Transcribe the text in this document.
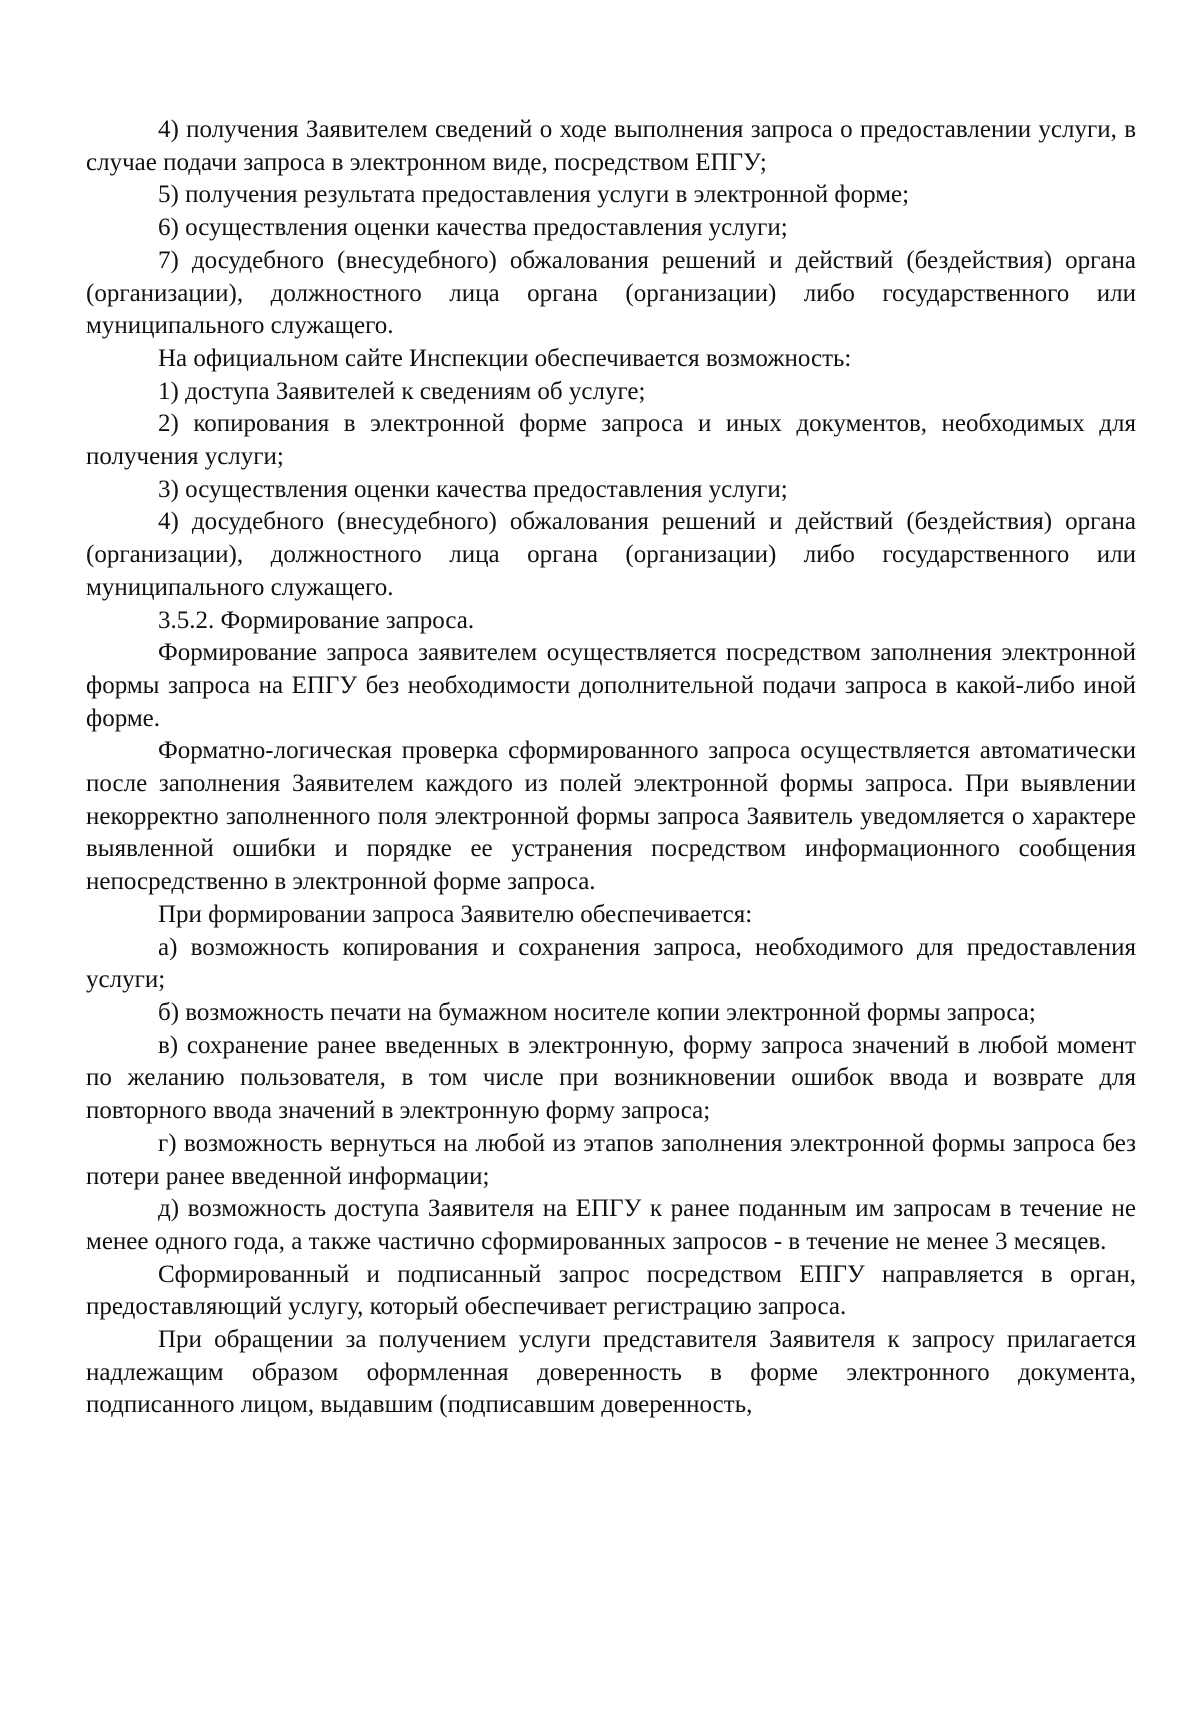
4) получения Заявителем сведений о ходе выполнения запроса о предоставлении услуги, в случае подачи запроса в электронном виде, посредством ЕПГУ;

5) получения результата предоставления услуги в электронной форме;

6) осуществления оценки качества предоставления услуги;

7) досудебного (внесудебного) обжалования решений и действий (бездействия) органа (организации), должностного лица органа (организации) либо государственного или муниципального служащего.

На официальном сайте Инспекции обеспечивается возможность:

1) доступа Заявителей к сведениям об услуге;

2) копирования в электронной форме запроса и иных документов, необходимых для получения услуги;

3) осуществления оценки качества предоставления услуги;

4) досудебного (внесудебного) обжалования решений и действий (бездействия) органа (организации), должностного лица органа (организации) либо государственного или муниципального служащего.

3.5.2. Формирование запроса.

Формирование запроса заявителем осуществляется посредством заполнения электронной формы запроса на ЕПГУ без необходимости дополнительной подачи запроса в какой-либо иной форме.

Форматно-логическая проверка сформированного запроса осуществляется автоматически после заполнения Заявителем каждого из полей электронной формы запроса. При выявлении некорректно заполненного поля электронной формы запроса Заявитель уведомляется о характере выявленной ошибки и порядке ее устранения посредством информационного сообщения непосредственно в электронной форме запроса.

При формировании запроса Заявителю обеспечивается:

а) возможность копирования и сохранения запроса, необходимого для предоставления услуги;

б) возможность печати на бумажном носителе копии электронной формы запроса;

в) сохранение ранее введенных в электронную, форму запроса значений в любой момент по желанию пользователя, в том числе при возникновении ошибок ввода и возврате для повторного ввода значений в электронную форму запроса;

г) возможность вернуться на любой из этапов заполнения электронной формы запроса без потери ранее введенной информации;

д) возможность доступа Заявителя на ЕПГУ к ранее поданным им запросам в течение не менее одного года, а также частично сформированных запросов - в течение не менее 3 месяцев.

Сформированный и подписанный запрос посредством ЕПГУ направляется в орган, предоставляющий услугу, который обеспечивает регистрацию запроса.

При обращении за получением услуги представителя Заявителя к запросу прилагается надлежащим образом оформленная доверенность в форме электронного документа, подписанного лицом, выдавшим (подписавшим доверенность,
